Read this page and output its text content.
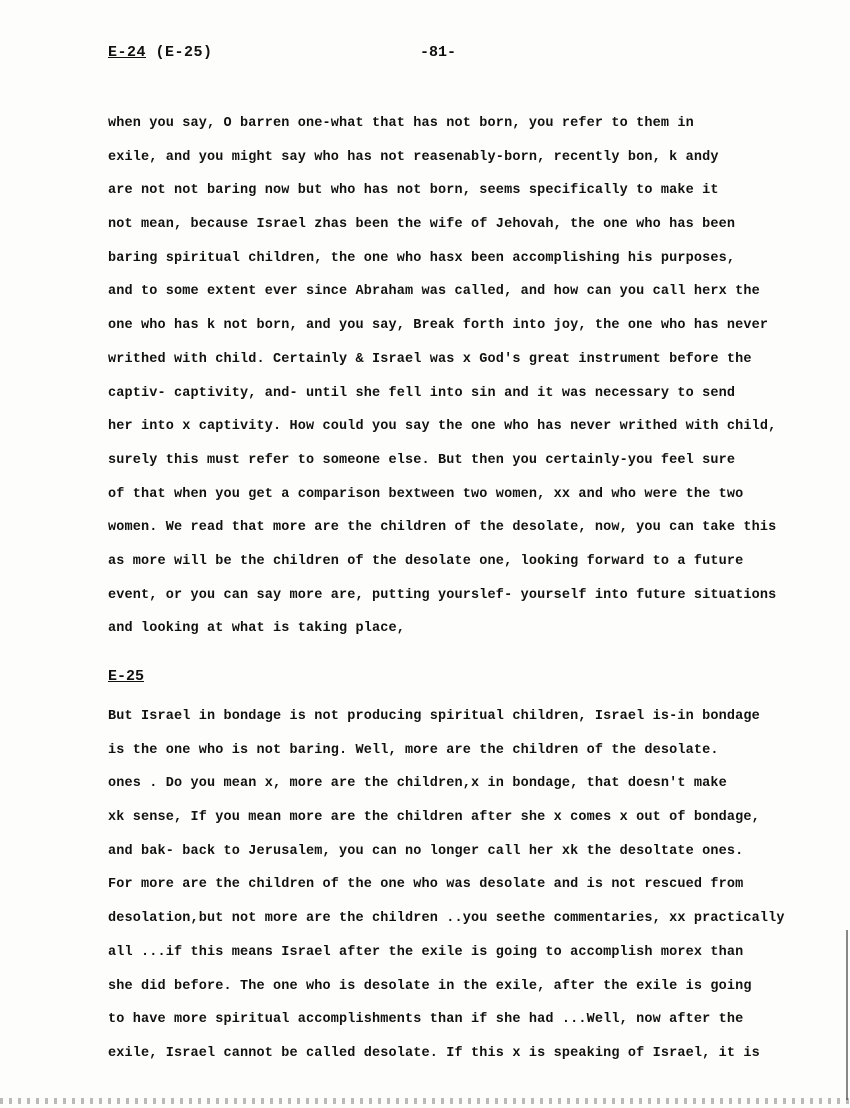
E-24 (E-25)	-81-
when you say, O barren one-what that has not born, you refer to them in
exile, and you might say who has not reasenably-born, recently bon, k andy
are not not baring now but who has not born, seems specifically to make it
not mean, because Israel zhas been the wife of Jehovah, the one who has been
baring spiritual children, the one who hasx been accomplishing his purposes,
and to some extent ever since Abraham was called, and how can you call herx the
one who has k not born, and you say, Break forth into joy, the one who has never
writhed with child. Certainly & Israel was x God's great instrument before the
captiv- captivity, and- until she fell into sin and it was necessary to send
her into x captivity. How could you say the one who has never writhed with child,
surely this must refer to someone else. But then you certainly-you feel sure
of that when you get a comparison bextween two women, xx and who were the two
women. We read that more are the children of the desolate, now, you can take this
as more will be the children of the desolate one, looking forward to a future
event, or you can say more are, putting yourslef- yourself into future situations
and looking at what is taking place,
E-25
But Israel in bondage is not producing spiritual children, Israel is-in bondage
is the one who is not baring. Well, more are the children of the desolate.
ones . Do you mean x, more are the children,x in bondage, that doesn't make
xk sense, If you mean more are the children after she x comes x out of bondage,
and bak- back to Jerusalem, you can no longer call her xk the desoltate ones.
For more are the children of the one who was desolate and is not rescued from
desolation,but not more are the children ..you seethe commentaries, xx practically
all ...if this means Israel after the exile is going to accomplish morex than
she did before. The one who is desolate in the exile, after the exile is going
to have more spiritual accomplishments than if she had ...Well, now after the
exile, Israel cannot be called desolate. If this x is speaking of Israel, it is
